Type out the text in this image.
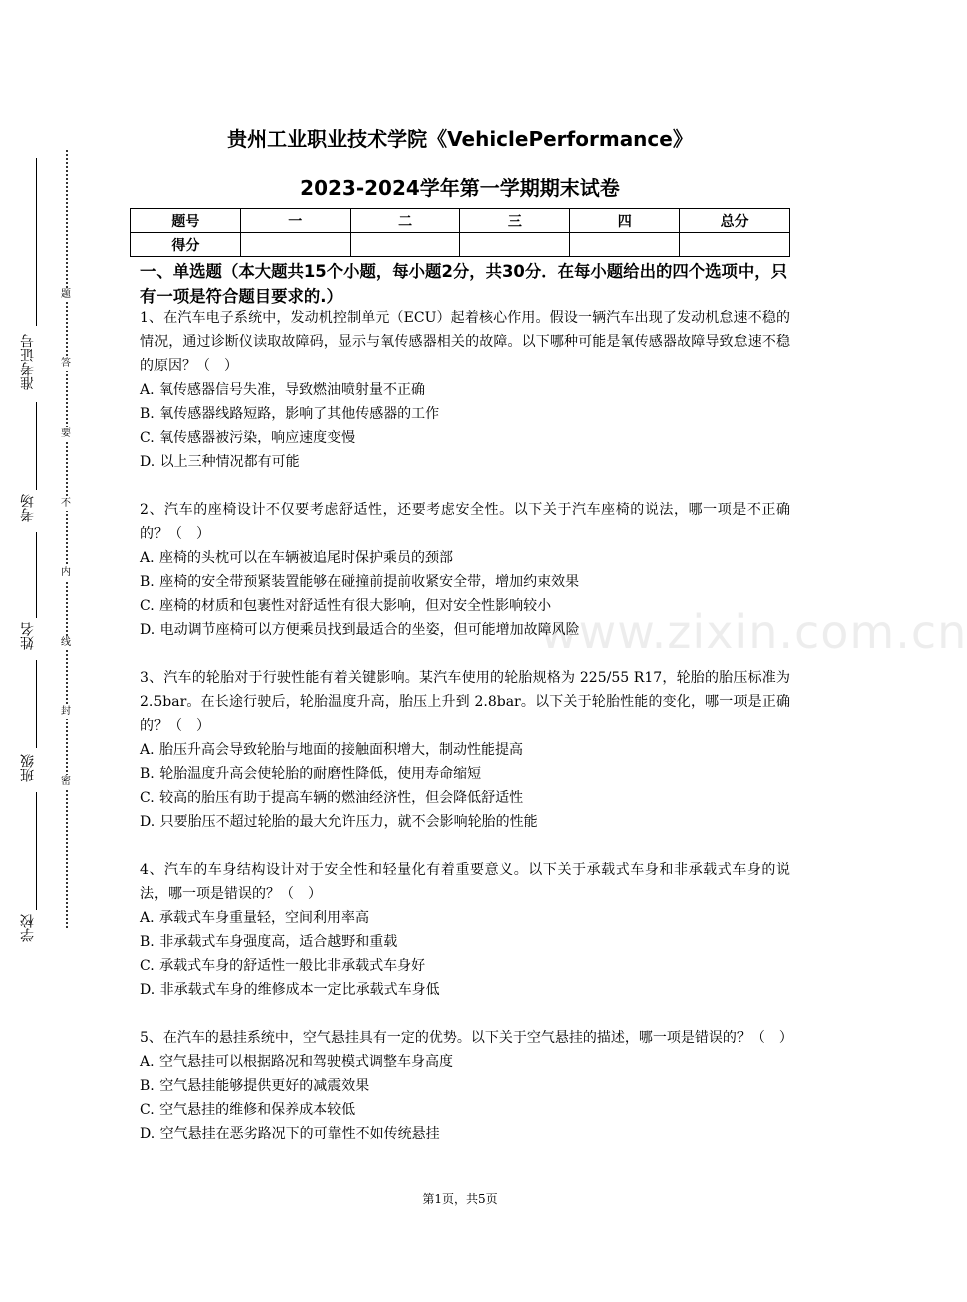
贵州工业职业技术学院《VehiclePerformance》
2023-2024学年第一学期期末试卷
题号	一	二	三	四	总分
得分					
一、单选题（本大题共15个小题，每小题2分，共30分．在每小题给出的四个选项中，只有一项是符合题目要求的.）

1、在汽车电子系统中，发动机控制单元（ECU）起着核心作用。假设一辆汽车出现了发动机怠速不稳的情况，通过诊断仪读取故障码，显示与氧传感器相关的故障。以下哪种可能是氧传感器故障导致怠速不稳的原因？（　）

A. 氧传感器信号失准，导致燃油喷射量不正确

B. 氧传感器线路短路，影响了其他传感器的工作

C. 氧传感器被污染，响应速度变慢

D. 以上三种情况都有可能

2、汽车的座椅设计不仅要考虑舒适性，还要考虑安全性。以下关于汽车座椅的说法，哪一项是不正确的？（　）

A. 座椅的头枕可以在车辆被追尾时保护乘员的颈部

B. 座椅的安全带预紧装置能够在碰撞前提前收紧安全带，增加约束效果

C. 座椅的材质和包裹性对舒适性有很大影响，但对安全性影响较小

D. 电动调节座椅可以方便乘员找到最适合的坐姿，但可能增加故障风险

3、汽车的轮胎对于行驶性能有着关键影响。某汽车使用的轮胎规格为 225/55 R17，轮胎的胎压标准为 2.5bar。在长途行驶后，轮胎温度升高，胎压上升到 2.8bar。以下关于轮胎性能的变化，哪一项是正确的？（　）

A. 胎压升高会导致轮胎与地面的接触面积增大，制动性能提高

B. 轮胎温度升高会使轮胎的耐磨性降低，使用寿命缩短

C. 较高的胎压有助于提高车辆的燃油经济性，但会降低舒适性

D. 只要胎压不超过轮胎的最大允许压力，就不会影响轮胎的性能

4、汽车的车身结构设计对于安全性和轻量化有着重要意义。以下关于承载式车身和非承载式车身的说法，哪一项是错误的？（　）

A. 承载式车身重量轻，空间利用率高

B. 非承载式车身强度高，适合越野和重载

C. 承载式车身的舒适性一般比非承载式车身好

D. 非承载式车身的维修成本一定比承载式车身低

5、在汽车的悬挂系统中，空气悬挂具有一定的优势。以下关于空气悬挂的描述，哪一项是错误的？（　）

A. 空气悬挂可以根据路况和驾驶模式调整车身高度

B. 空气悬挂能够提供更好的减震效果

C. 空气悬挂的维修和保养成本较低

D. 空气悬挂在恶劣路况下的可靠性不如传统悬挂

第1页，共5页
www.zixin.com.cn
题
答
要
不
内
线
封
密
准考证号
考场
姓名
班级
学校
